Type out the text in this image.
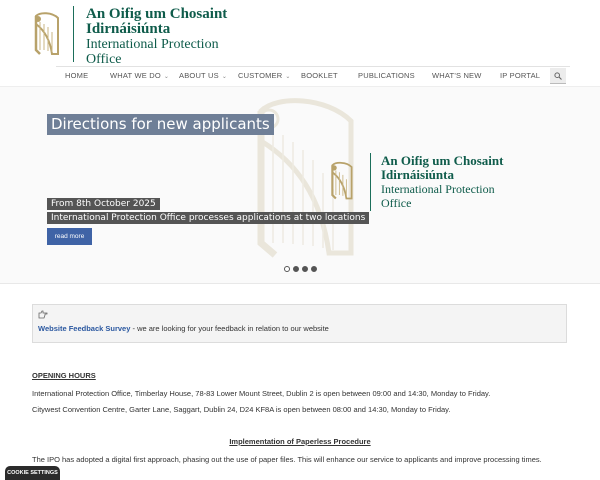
An Oifig um Chosaint
Idirnáisiúnta
International Protection
Office
HOME	WHAT WE DO ⌄ ABOUT US ⌄ CUSTOMER ⌄ BOOKLET	PUBLICATIONS WHAT'S NEW IP PORTAL
Directions for new applicants
An Oifig um Chosaint
Idirnáisiúnta
International Protection
Office
From 8th October 2025
International Protection Office processes applications at two locations
read more
Website Feedback Survey - we are looking for your feedback in relation to our website
OPENING HOURS
International Protection Office, Timberlay House, 78-83 Lower Mount Street, Dublin 2 is open between 09:00 and 14:30, Monday to Friday.
Citywest Convention Centre, Garter Lane, Saggart, Dublin 24, D24 KF8A is open between 08:00 and 14:30, Monday to Friday.
Implementation of Paperless Procedure
The IPO has adopted a digital first approach, phasing out the use of paper files. This will enhance our service to applicants and improve processing times.
COOKIE SETTINGS
